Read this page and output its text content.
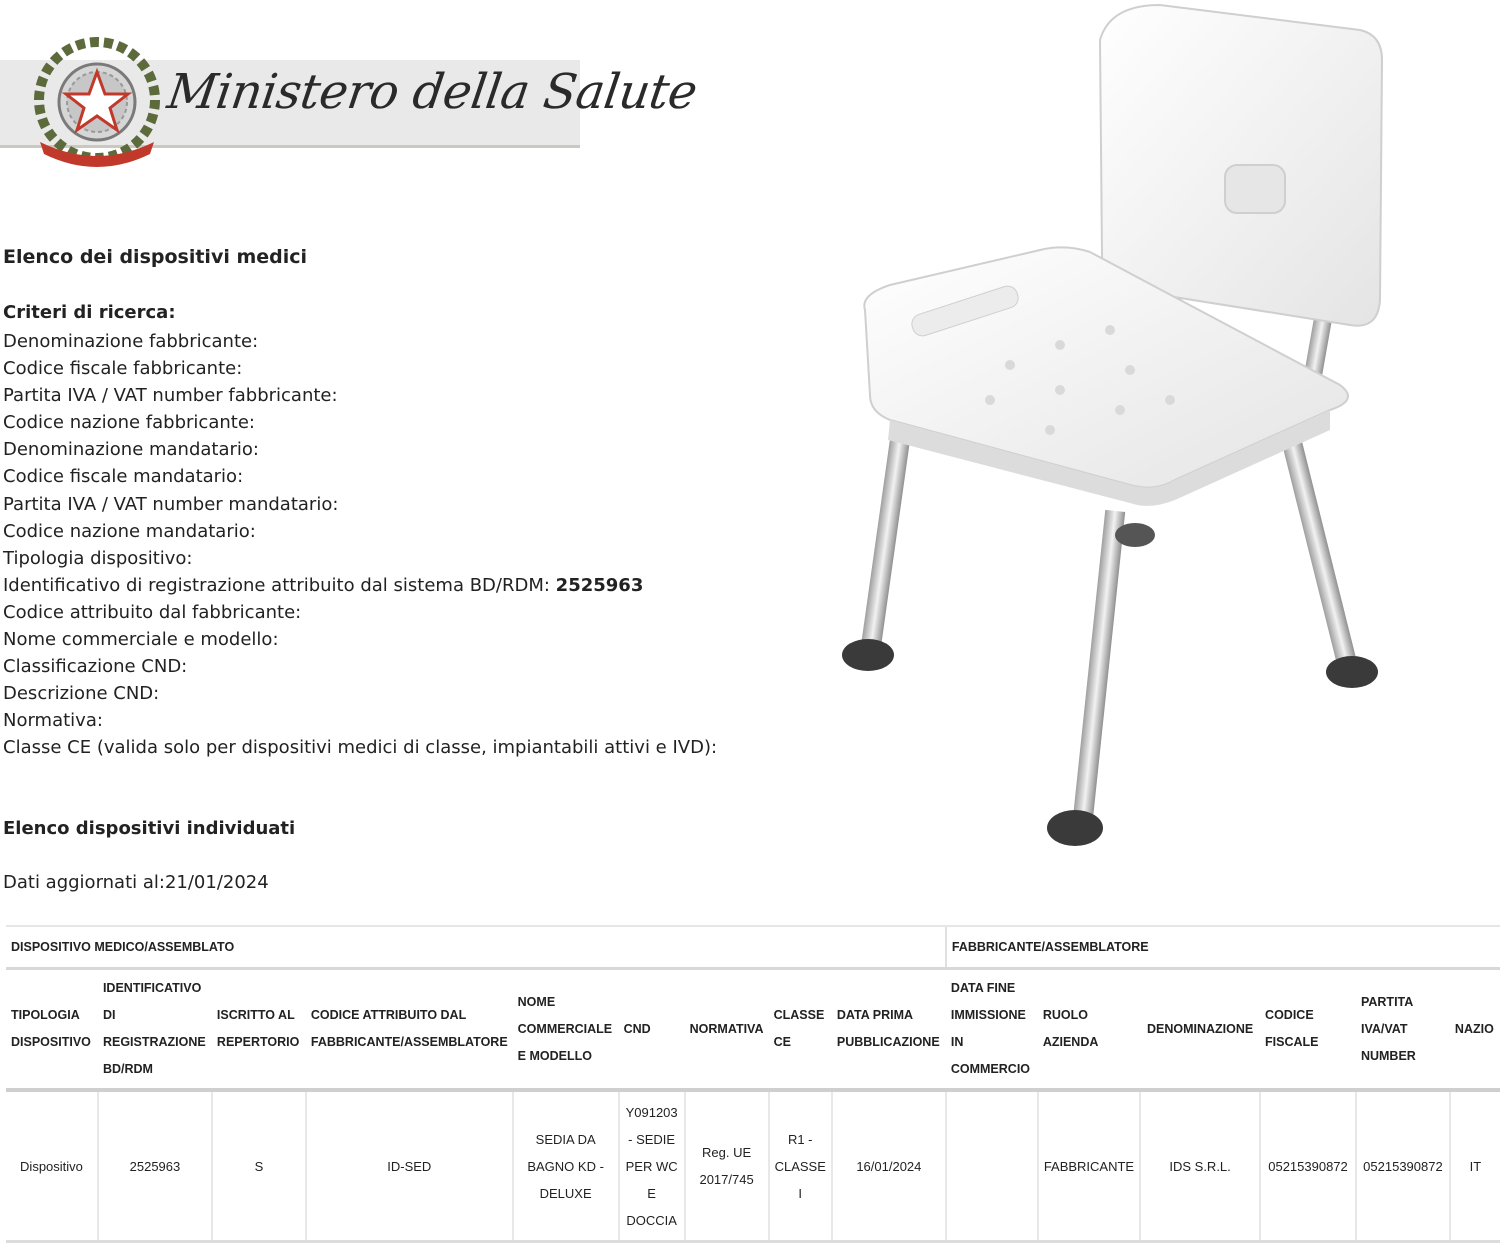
Ministero della Salute
Elenco dei dispositivi medici
Criteri di ricerca:
Denominazione fabbricante:
Codice fiscale fabbricante:
Partita IVA / VAT number fabbricante:
Codice nazione fabbricante:
Denominazione mandatario:
Codice fiscale mandatario:
Partita IVA / VAT number mandatario:
Codice nazione mandatario:
Tipologia dispositivo:
Identificativo di registrazione attribuito dal sistema BD/RDM: 2525963
Codice attribuito dal fabbricante:
Nome commerciale e modello:
Classificazione CND:
Descrizione CND:
Normativa:
Classe CE (valida solo per dispositivi medici di classe, impiantabili attivi e IVD):
Elenco dispositivi individuati
Dati aggiornati al:21/01/2024
DISPOSITIVO MEDICO/ASSEMBLATO									FABBRICANTE/ASSEMBLATORE					
TIPOLOGIA DISPOSITIVO	IDENTIFICATIVO DI REGISTRAZIONE BD/RDM	ISCRITTO AL REPERTORIO	CODICE ATTRIBUITO DAL FABBRICANTE/ASSEMBLATORE	NOME COMMERCIALE E MODELLO	CND	NORMATIVA	CLASSE CE	DATA PRIMA PUBBLICAZIONE	DATA FINE IMMISSIONE IN COMMERCIO	RUOLO AZIENDA	DENOMINAZIONE	CODICE FISCALE	PARTITA IVA/VAT NUMBER	NAZIO
Dispositivo	2525963	S	ID-SED	SEDIA DA BAGNO KD - DELUXE	Y091203 - SEDIE PER WC E DOCCIA	Reg. UE 2017/745	R1 - CLASSE I	16/01/2024		FABBRICANTE	IDS S.R.L.	05215390872	05215390872	IT
